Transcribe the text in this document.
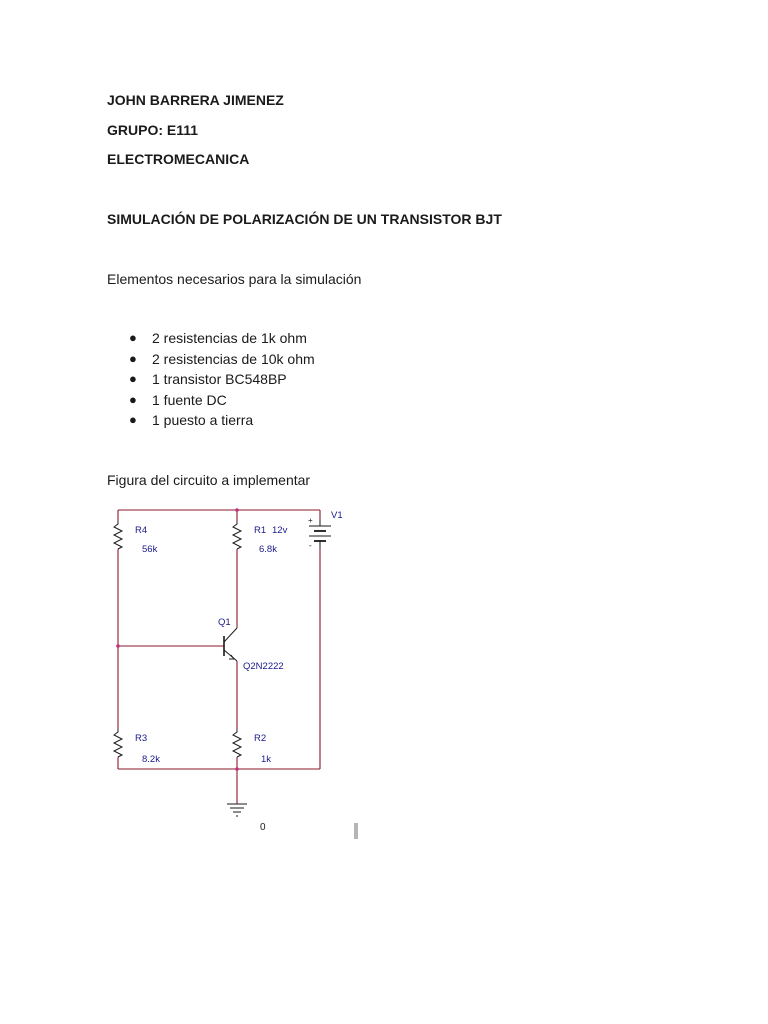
JOHN BARRERA JIMENEZ
GRUPO: E111
ELECTROMECANICA
SIMULACIÓN DE POLARIZACIÓN DE UN TRANSISTOR BJT
Elementos necesarios para la simulación
● 2 resistencias de 1k ohm
● 2 resistencias de 10k ohm
● 1 transistor BC548BP
● 1 fuente DC
● 1 puesto a tierra
Figura del circuito a implementar
+
-
R4
56k
R1 12v
6.8k
V1
Q1
Q2N2222
R3
8.2k
R2
1k
0
